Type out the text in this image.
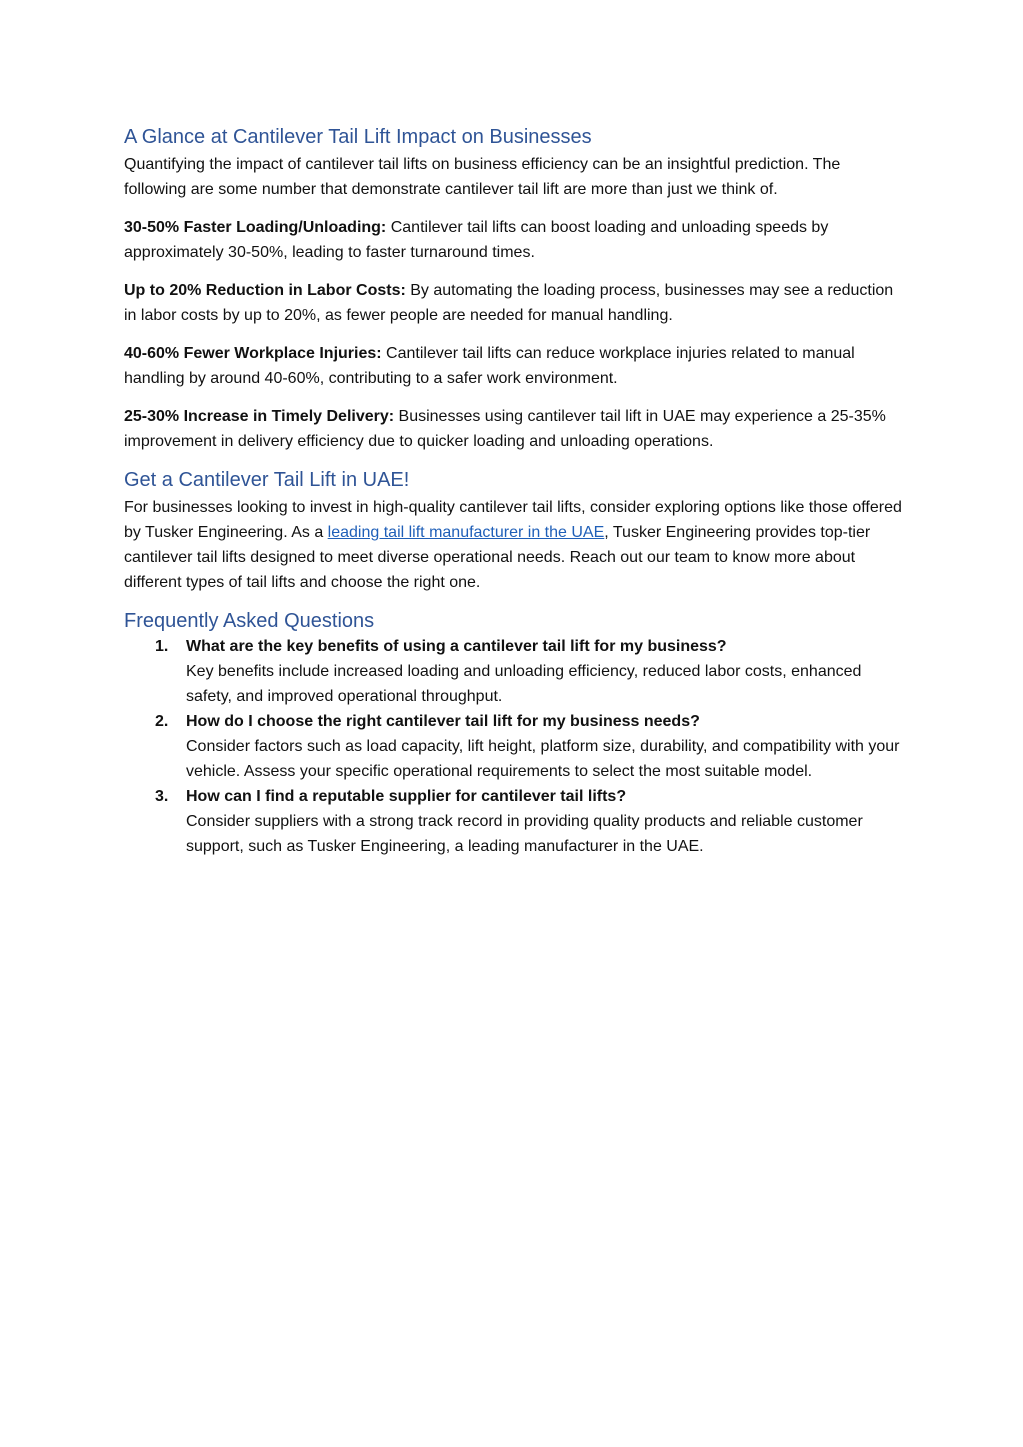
A Glance at Cantilever Tail Lift Impact on Businesses

Quantifying the impact of cantilever tail lifts on business efficiency can be an insightful prediction. The following are some number that demonstrate cantilever tail lift are more than just we think of.

30-50% Faster Loading/Unloading: Cantilever tail lifts can boost loading and unloading speeds by approximately 30-50%, leading to faster turnaround times.

Up to 20% Reduction in Labor Costs: By automating the loading process, businesses may see a reduction in labor costs by up to 20%, as fewer people are needed for manual handling.

40-60% Fewer Workplace Injuries: Cantilever tail lifts can reduce workplace injuries related to manual handling by around 40-60%, contributing to a safer work environment.

25-30% Increase in Timely Delivery: Businesses using cantilever tail lift in UAE may experience a 25-35% improvement in delivery efficiency due to quicker loading and unloading operations.

Get a Cantilever Tail Lift in UAE!

For businesses looking to invest in high-quality cantilever tail lifts, consider exploring options like those offered by Tusker Engineering. As a leading tail lift manufacturer in the UAE, Tusker Engineering provides top-tier cantilever tail lifts designed to meet diverse operational needs. Reach out our team to know more about different types of tail lifts and choose the right one.

Frequently Asked Questions
1. What are the key benefits of using a cantilever tail lift for my business?
Key benefits include increased loading and unloading efficiency, reduced labor costs, enhanced safety, and improved operational throughput.
2. How do I choose the right cantilever tail lift for my business needs?
Consider factors such as load capacity, lift height, platform size, durability, and compatibility with your vehicle. Assess your specific operational requirements to select the most suitable model.
3. How can I find a reputable supplier for cantilever tail lifts?
Consider suppliers with a strong track record in providing quality products and reliable customer support, such as Tusker Engineering, a leading manufacturer in the UAE.
